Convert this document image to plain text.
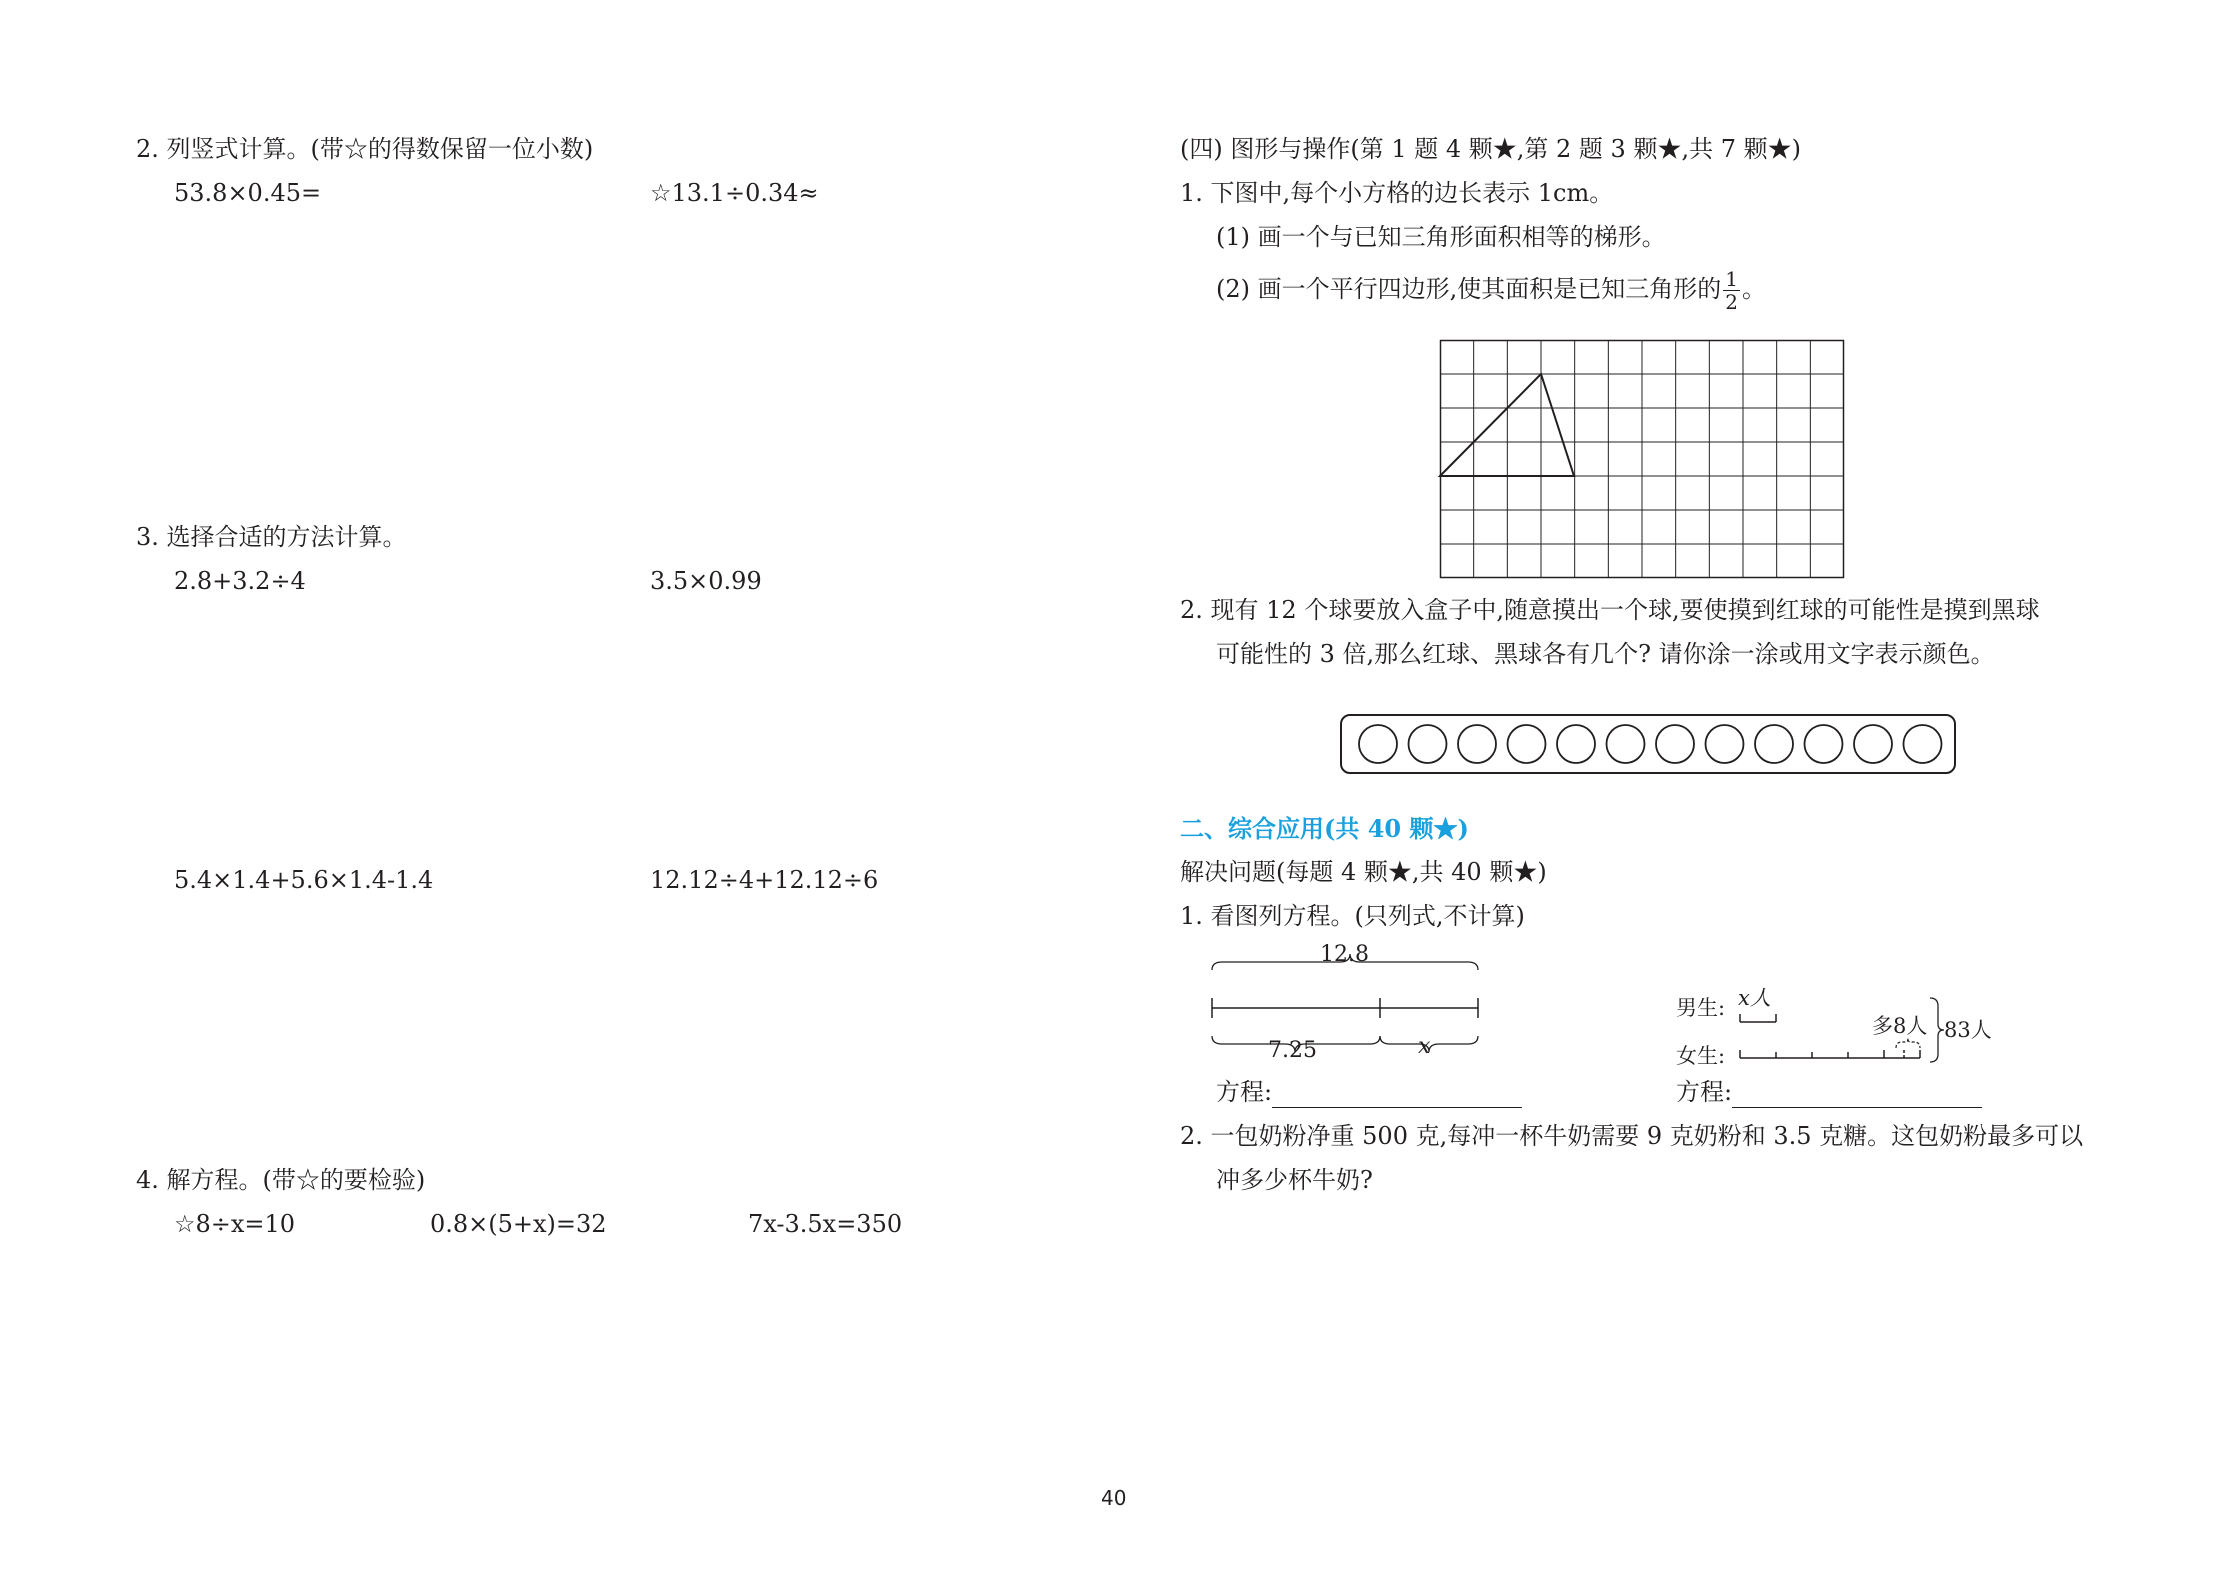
2. 列竖式计算。(带☆的得数保留一位小数)
53.8×0.45=	☆13.1÷0.34≈
3. 选择合适的方法计算。
2.8+3.2÷4	3.5×0.99
5.4×1.4+5.6×1.4-1.4	12.12÷4+12.12÷6
4. 解方程。(带☆的要检验)
☆8÷x=10	0.8×(5+x)=32	7x-3.5x=350
(四) 图形与操作(第 1 题 4 颗★,第 2 题 3 颗★,共 7 颗★)
1. 下图中,每个小方格的边长表示 1cm。
(1) 画一个与已知三角形面积相等的梯形。
(2) 画一个平行四边形,使其面积是已知三角形的 $\frac{1}{2}$ 。
2. 现有 12 个球要放入盒子中,随意摸出一个球,要使摸到红球的可能性是摸到黑球
可能性的 3 倍,那么红球、黑球各有几个? 请你涂一涂或用文字表示颜色。
二、综合应用(共 40 颗★)
解决问题(每题 4 颗★,共 40 颗★)
1. 看图列方程。(只列式,不计算)
12.8
7.25	x
男生:
女生:
x人
多8人 83人
方程:	方程:
2. 一包奶粉净重 500 克,每冲一杯牛奶需要 9 克奶粉和 3.5 克糖。这包奶粉最多可以
冲多少杯牛奶?
40
